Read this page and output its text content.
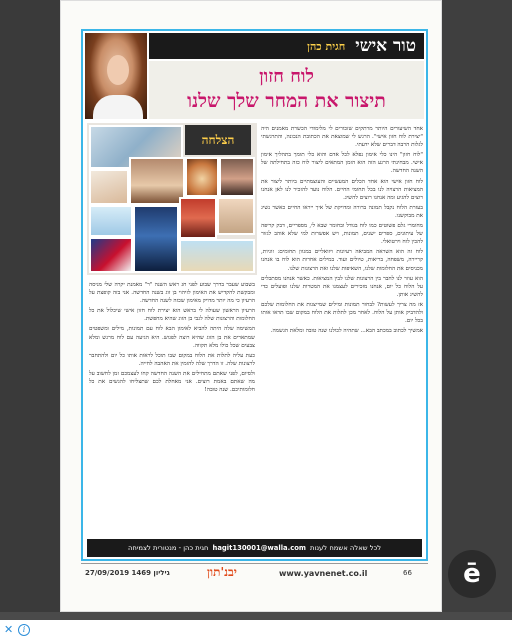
טור אישי
חגית כהן
לוח חזון
תיצור את המחר שלך שלנו
הצלחה

אחד השיעורים היותר מרתקים שזכורים לי מלימודי הכשרת מאמנים היה "יצירת לוח חזון אישי". הרגש לי שמוצאת את הכתובת הנכונה, והתרגשתי לגלות הרבה דברים שלא ידעתי.

"לוח חזון" הינו כלי אימון נפלא לכל אדם והוא כלי תומך בתהליך אימון אישי. מבחינתי הרגע הזה הוא הזמן המתאים ליצור לוח כזה בתחילתה של השנה החדשה.

לוח חזון אישי הוא אחד הכלים המעשיים והעוצמתיים ביותר ליצור את המציאות הרצויה לנו בכל תחומי החיים. הלוח נועד להזכיר לנו לאן אנחנו רוצים להגיע ומה אנחנו רוצים להשיג.

בעזרת הלוח נקבל תמונה ברורה ומדויקת של איך ייראו החיים כאשר נשיג את מבוקשנו.

מחומרי גלם פשוטים כמו לוח בגודל ובחומר שבא לי, מספריים, דבק קריפה של עיתונים, ספרים ישנים, תמונות, ויש אפשרות למי שלא אוהב לגזור להכין לוח וירטואלי.

לוח זה הוא השראה המביאה רעיונות ויזואליים במגוון תחומים: זוגיות, קריירה, משפחה, בריאות, טיולים ועוד. במילים אחרות הוא לוח בו אנחנו מכניסים את החלומות שלנו, השאיפות שלנו ואת הרצונות שלנו.

הוא עוזר לנו לחבר בין הרצונות שלנו לבין המציאות. כאשר אנחנו מסתכלים על הלוח כל יום, אנחנו מזכירים לעצמנו את המטרות שלנו ופועלים כדי להשיג אותן.

אז מה צריך לעשות? לבחור תמונות ומילים שמייצגות את החלומות שלכם ולהדביק אותן על הלוח. לאחר מכן לתלות את הלוח במקום שבו תראו אותו בכל יום.

אמשיך לכתוב במכתב הבא... שתהיה לכולנו שנה טובה ומלאת הגשמה.

בשבוע שעבר בדרך שבוע לפני חג ראש השנה "ר" מאמנת יקרה שלי מניסה ומבקשת להקדיש את האימון לזיהוי בן זוג בשנה החדשה. אני בזה קופצת על הרעיון כי מה יותר מדויק מאימון שכזה לשנה החדשה.

הרעיון הראשון שעולה לי בראש הוא יצירת לוח חזון אישי שיכלול את כל החלומות והרצונות שלה לגבי בן הזוג שהיא מחפשת.

המשימה שלה היתה להביא לאימון הבא לוח עם תמונות, מילים ומשפטים שמתארים את בן הזוג שהיא רוצה לפגוש. היא הגיעה עם לוח מרגש ומלא צבעים שכל כולו מלא תקווה.

כעת עליה לתלות את הלוח במקום שבו תוכל לראות אותו כל יום ולהתחבר לרצונות שלה. זו הדרך שלה להזמין את האהבה לחייה.

ולסיום, לפני שאתם מתחילים את השנה החדשה קחו לעצמכם זמן לחשוב על מה שאתם באמת רוצים. אני מאחלת לכם שתצליחו להגשים את כל חלומותיכם. שנה טובה!

לכל שאלה אשמח לענות
hagit130001@walla.com
חגית כהן - מנטורית לצמיחה
66
www.yavnenet.co.il
יבנ'תון
גיליון 1469 27/09/2019	ē
✕	i
